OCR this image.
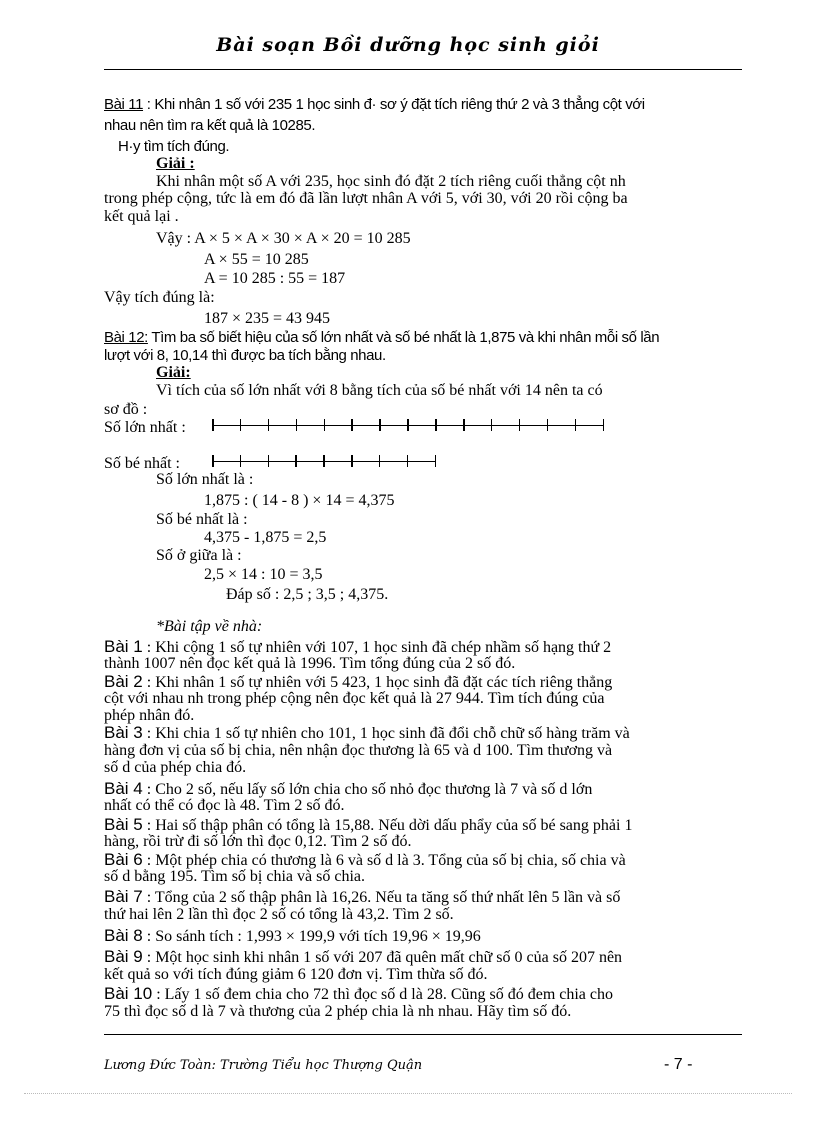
Bài soạn Bồi dưỡng học sinh giỏi
Bài 11 : Khi nhân 1 số với 235 1 học sinh đ· sơ ý đặt tích riêng thứ 2 và 3 thẳng cột với
nhau nên tìm ra kết quả là 10285.
H·y tìm tích đúng.
Giải :
Khi nhân một số A với 235, học sinh đó đặt 2 tích riêng cuối thẳng cột nh
trong phép cộng, tức là em đó đã lần lượt nhân A với 5, với 30, với 20 rồi cộng ba
kết quả lại .
Vậy : A × 5 × A × 30 × A × 20 = 10 285
A × 55 = 10 285
A = 10 285 : 55 = 187
Vậy tích đúng là:
187 × 235 = 43 945
Bài 12: Tìm ba số biết hiệu của số lớn nhất và số bé nhất là 1,875 và khi nhân mỗi số lần
lượt với 8, 10,14 thì được ba tích bằng nhau.
Giải:
Vì tích của số lớn nhất với 8 bằng tích của số bé nhất với 14 nên ta có
sơ đồ :
Số lớn nhất :
Số bé nhất :
Số lớn nhất là :
1,875 : ( 14 - 8 ) × 14 = 4,375
Số bé nhất là :
4,375 - 1,875 = 2,5
Số ở giữa là :
2,5 × 14 : 10 = 3,5
Đáp số : 2,5 ; 3,5 ; 4,375.
*Bài tập về nhà:
Bài 1 : Khi cộng 1 số tự nhiên với 107, 1 học sinh đã chép nhầm số hạng thứ 2
thành 1007 nên đọc kết quả là 1996. Tìm tổng đúng của 2 số đó.
Bài 2 : Khi nhân 1 số tự nhiên với 5 423, 1 học sinh đã đặt các tích riêng thẳng
cột với nhau nh trong phép cộng nên đọc kết quả là 27 944. Tìm tích đúng của
phép nhân đó.
Bài 3 : Khi chia 1 số tự nhiên cho 101, 1 học sinh đã đổi chỗ chữ số hàng trăm và
hàng đơn vị của số bị chia, nên nhận đọc thương là 65 và d 100. Tìm thương và
số d của phép chia đó.
Bài 4 : Cho 2 số, nếu lấy số lớn chia cho số nhỏ đọc thương là 7 và số d lớn
nhất có thể có đọc là 48. Tìm 2 số đó.
Bài 5 : Hai số thập phân có tổng là 15,88. Nếu dời dấu phẩy của số bé sang phải 1
hàng, rồi trừ đi số lớn thì đọc 0,12. Tìm 2 số đó.
Bài 6 : Một phép chia có thương là 6 và số d là 3. Tổng của số bị chia, số chia và
số d bằng 195. Tìm số bị chia và số chia.
Bài 7 : Tổng của 2 số thập phân là 16,26. Nếu ta tăng số thứ nhất lên 5 lần và số
thứ hai lên 2 lần thì đọc 2 số có tổng là 43,2. Tìm 2 số.
Bài 8 : So sánh tích : 1,993 × 199,9 với tích 19,96 × 19,96
Bài 9 : Một học sinh khi nhân 1 số với 207 đã quên mất chữ số 0 của số 207 nên
kết quả so với tích đúng giảm 6 120 đơn vị. Tìm thừa số đó.
Bài 10 : Lấy 1 số đem chia cho 72 thì đọc số d là 28. Cũng số đó đem chia cho
75 thì đọc số d là 7 và thương của 2 phép chia là nh nhau. Hãy tìm số đó.
Lương Đức Toàn: Trường Tiểu học Thượng Quận	- 7 -
